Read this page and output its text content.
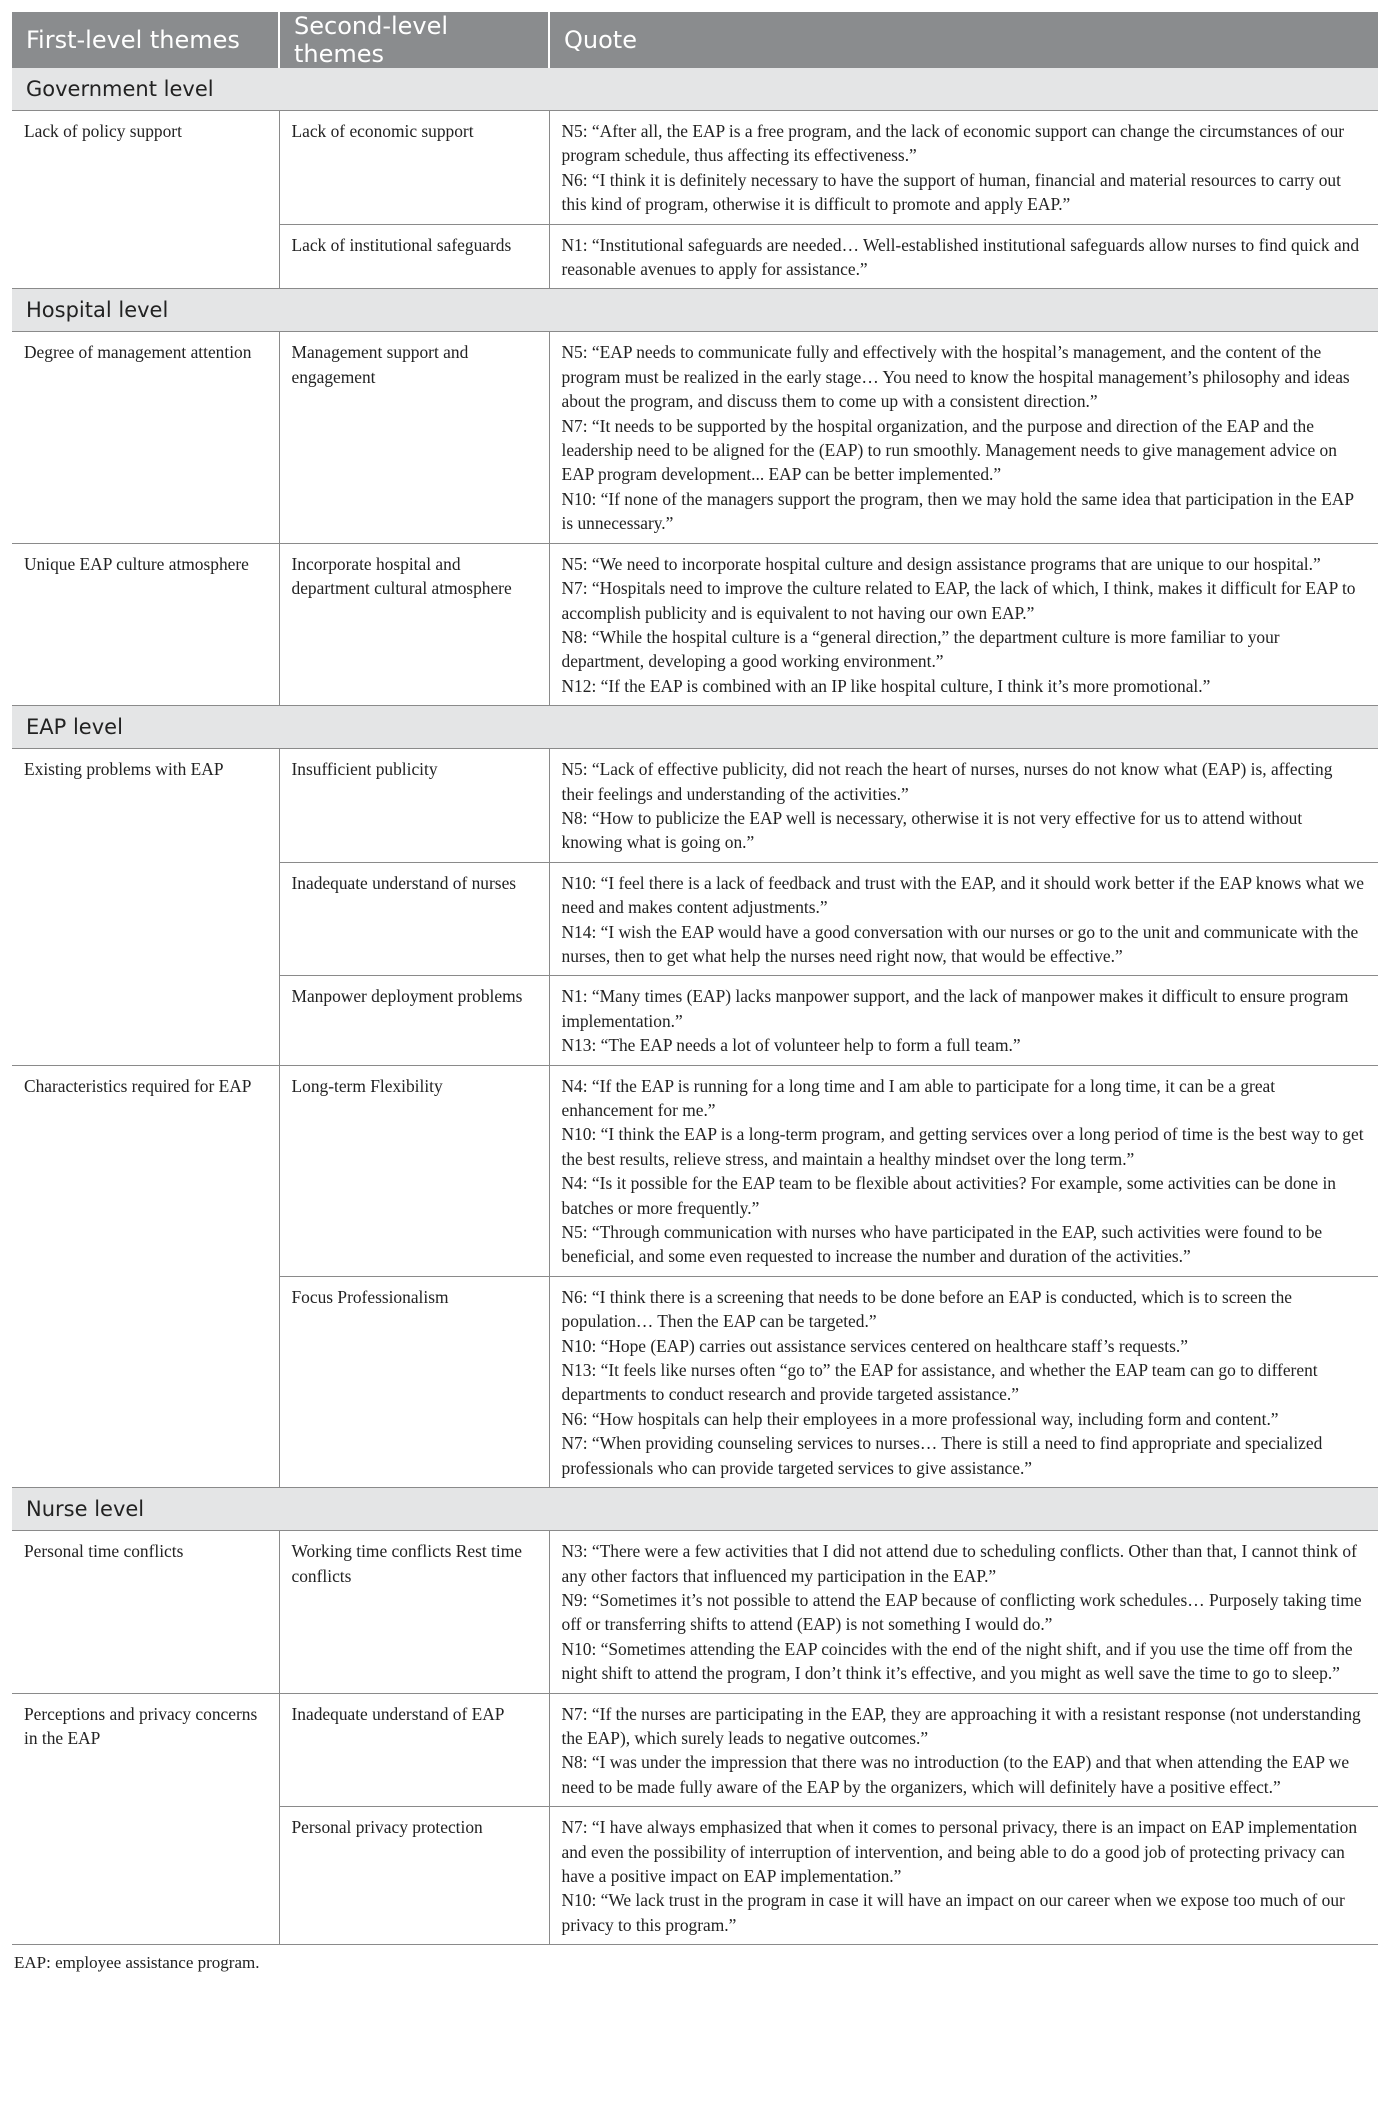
First-level themes	Second-level themes	Quote
Government level		
Lack of policy support	Lack of economic support	N5: “After all, the EAP is a free program, and the lack of economic support can change the circumstances of our program schedule, thus affecting its effectiveness.”
N6: “I think it is definitely necessary to have the support of human, financial and material resources to carry out this kind of program, otherwise it is difficult to promote and apply EAP.”

	Lack of institutional safeguards	N1: “Institutional safeguards are needed… Well-established institutional safeguards allow nurses to find quick and reasonable avenues to apply for assistance.”

Hospital level		
Degree of management attention	Management support and engagement	N5: “EAP needs to communicate fully and effectively with the hospital’s management, and the content of the program must be realized in the early stage… You need to know the hospital management’s philosophy and ideas about the program, and discuss them to come up with a consistent direction.”
N7: “It needs to be supported by the hospital organization, and the purpose and direction of the EAP and the leadership need to be aligned for the (EAP) to run smoothly. Management needs to give management advice on EAP program development... EAP can be better implemented.”
N10: “If none of the managers support the program, then we may hold the same idea that participation in the EAP is unnecessary.”

Unique EAP culture atmosphere	Incorporate hospital and department cultural atmosphere	N5: “We need to incorporate hospital culture and design assistance programs that are unique to our hospital.”
N7: “Hospitals need to improve the culture related to EAP, the lack of which, I think, makes it difficult for EAP to accomplish publicity and is equivalent to not having our own EAP.”
N8: “While the hospital culture is a “general direction,” the department culture is more familiar to your department, developing a good working environment.”
N12: “If the EAP is combined with an IP like hospital culture, I think it’s more promotional.”

EAP level		
Existing problems with EAP	Insufficient publicity	N5: “Lack of effective publicity, did not reach the heart of nurses, nurses do not know what (EAP) is, affecting their feelings and understanding of the activities.”
N8: “How to publicize the EAP well is necessary, otherwise it is not very effective for us to attend without knowing what is going on.”

	Inadequate understand of nurses	N10: “I feel there is a lack of feedback and trust with the EAP, and it should work better if the EAP knows what we need and makes content adjustments.”
N14: “I wish the EAP would have a good conversation with our nurses or go to the unit and communicate with the nurses, then to get what help the nurses need right now, that would be effective.”

	Manpower deployment problems	N1: “Many times (EAP) lacks manpower support, and the lack of manpower makes it difficult to ensure program implementation.”
N13: “The EAP needs a lot of volunteer help to form a full team.”

Characteristics required for EAP	Long-term Flexibility	N4: “If the EAP is running for a long time and I am able to participate for a long time, it can be a great enhancement for me.”
N10: “I think the EAP is a long-term program, and getting services over a long period of time is the best way to get the best results, relieve stress, and maintain a healthy mindset over the long term.”
N4: “Is it possible for the EAP team to be flexible about activities? For example, some activities can be done in batches or more frequently.”
N5: “Through communication with nurses who have participated in the EAP, such activities were found to be beneficial, and some even requested to increase the number and duration of the activities.”

	Focus Professionalism	N6: “I think there is a screening that needs to be done before an EAP is conducted, which is to screen the population… Then the EAP can be targeted.”
N10: “Hope (EAP) carries out assistance services centered on healthcare staff’s requests.”
N13: “It feels like nurses often “go to” the EAP for assistance, and whether the EAP team can go to different departments to conduct research and provide targeted assistance.”
N6: “How hospitals can help their employees in a more professional way, including form and content.”
N7: “When providing counseling services to nurses… There is still a need to find appropriate and specialized professionals who can provide targeted services to give assistance.”

Nurse level		
Personal time conflicts	Working time conflicts Rest time conflicts	N3: “There were a few activities that I did not attend due to scheduling conflicts. Other than that, I cannot think of any other factors that influenced my participation in the EAP.”
N9: “Sometimes it’s not possible to attend the EAP because of conflicting work schedules… Purposely taking time off or transferring shifts to attend (EAP) is not something I would do.”
N10: “Sometimes attending the EAP coincides with the end of the night shift, and if you use the time off from the night shift to attend the program, I don’t think it’s effective, and you might as well save the time to go to sleep.”

Perceptions and privacy concerns in the EAP	Inadequate understand of EAP	N7: “If the nurses are participating in the EAP, they are approaching it with a resistant response (not understanding the EAP), which surely leads to negative outcomes.”
N8: “I was under the impression that there was no introduction (to the EAP) and that when attending the EAP we need to be made fully aware of the EAP by the organizers, which will definitely have a positive effect.”

	Personal privacy protection	N7: “I have always emphasized that when it comes to personal privacy, there is an impact on EAP implementation and even the possibility of interruption of intervention, and being able to do a good job of protecting privacy can have a positive impact on EAP implementation.”
N10: “We lack trust in the program in case it will have an impact on our career when we expose too much of our privacy to this program.”
EAP: employee assistance program.
